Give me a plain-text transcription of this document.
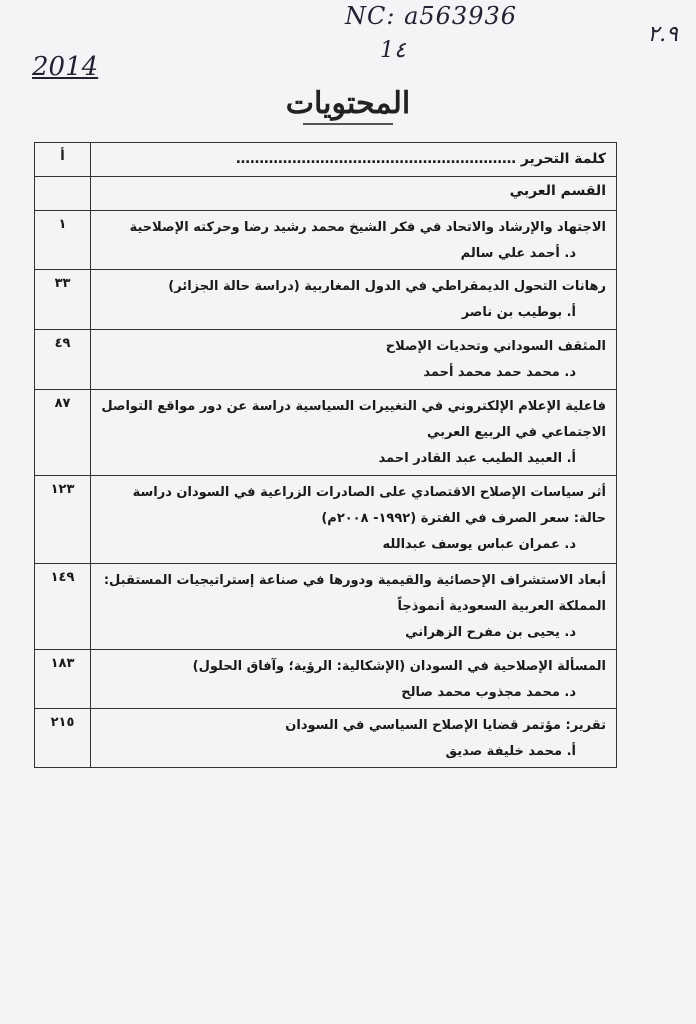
NC: a563936
1٤
2014
٢.٩
المحتويات
كلمة التحرير ……………………………………………………	أ

القسم العربي	

الاجتهاد والإرشاد والاتحاد في فكر الشيخ محمد رشيد رضا وحركته الإصلاحية
د. أحمد علي سالم	١

رهانات التحول الديمقراطي في الدول المغاربية (دراسة حالة الجزائر)
أ. بوطيب بن ناصر	٣٣

المثقف السوداني وتحديات الإصلاح
د. محمد حمد محمد أحمد	٤٩

فاعلية الإعلام الإلكتروني في التغييرات السياسية دراسة عن دور مواقع التواصل الاجتماعي في الربيع العربي
أ. العبيد الطيب عبد القادر احمد	٨٧

أثر سياسات الإصلاح الاقتصادي على الصادرات الزراعية في السودان دراسة حالة: سعر الصرف في الفترة (١٩٩٢- ٢٠٠٨م)
د. عمران عباس يوسف عبدالله	١٢٣

أبعاد الاستشراف الإحصائية والقيمية ودورها في صناعة إستراتيجيات المستقبل: المملكة العربية السعودية أنموذجاً
د. يحيى بن مفرح الزهراني	١٤٩

المسألة الإصلاحية في السودان (الإشكالية: الرؤية؛ وآفاق الحلول)
د. محمد مجذوب محمد صالح	١٨٣

تقرير: مؤتمر قضايا الإصلاح السياسي في السودان
أ. محمد خليفة صديق	٢١٥
